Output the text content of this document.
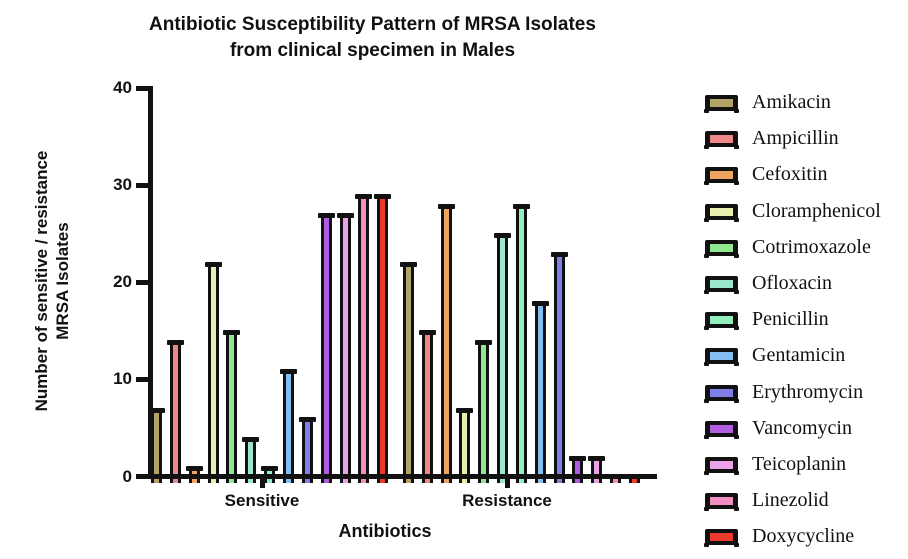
Antibiotic Susceptibility Pattern of MRSA Isolates
from clinical specimen in Males
Number of sensitive / resistance MRSA Isolates
0
10
20
30
40
Sensitive	Resistance
Antibiotics
Amikacin
Ampicillin
Cefoxitin
Cloramphenicol
Cotrimoxazole
Ofloxacin
Penicillin
Gentamicin
Erythromycin
Vancomycin
Teicoplanin
Linezolid
Doxycycline
